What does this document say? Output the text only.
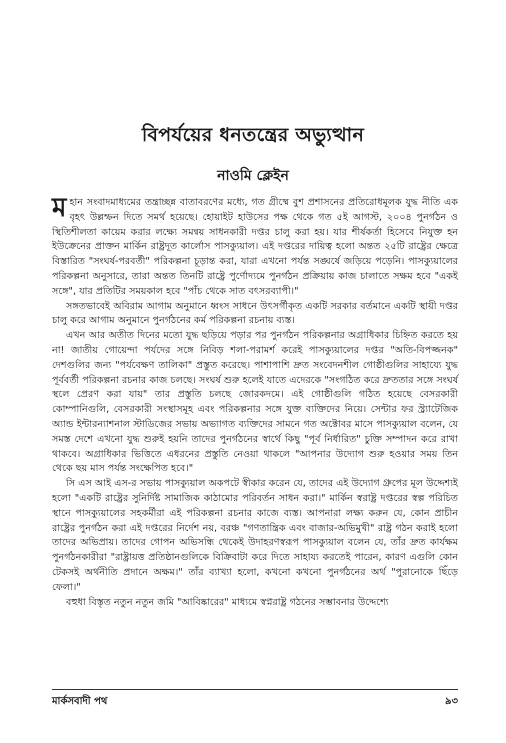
বিপর্যয়ের ধনতন্ত্রের অভ্যুত্থান
নাওমি ক্লেইন

মহান সংবাদমাধ্যমের তন্ত্রাচ্ছন্ন বাতাবরণের মধ্যে, গত গ্রীষ্মে বুশ প্রশাসনের প্রতিরোধমূলক যুদ্ধ নীতি এক বৃহৎ উল্লম্ফন দিতে সমর্থ হয়েছে। হোয়াইট হাউসের পক্ষ থেকে গত ৫ই আগস্ট, ২০০৪ পুনর্গঠন ও স্থিতিশীলতা কায়েম করার লক্ষ্যে সমন্বয় সাধনকারী দপ্তর চালু করা হয়। যার শীর্ষকর্তা হিসেবে নিযুক্ত হন ইউক্রেনের প্রাক্তন মার্কিন রাষ্ট্রদূত কার্লোস পাসক্যুয়াল। এই দপ্তরের দায়িত্ব হলো অন্তত ২৫টি রাষ্ট্রের ক্ষেত্রে বিস্তারিত "সংঘর্ষ-পরবর্তী" পরিকল্পনা চূড়ান্ত করা, যারা এখনো পর্যন্ত সঙ্ঘর্ষে জড়িয়ে পড়েনি। পাসক্যুয়ালের পরিকল্পনা অনুসারে, তারা অন্তত তিনটি রাষ্ট্রে পুর্ণোদ্যমে পুনর্গঠন প্রক্রিয়ায় কাজ চালাতে সক্ষম হবে "একই সঙ্গে", যার প্রতিটির সময়কাল হবে "পাঁচ থেকে সাত বৎসরব্যাপী।"

সঙ্গতভাবেই অবিরাম আগাম অনুমানে ধ্বংস সাধনে উৎসর্গীকৃত একটি সরকার বর্তমানে একটি স্থায়ী দপ্তর চালু করে আগাম অনুমানে পুনর্গঠনের কর্ম পরিকল্পনা রচনায় ব্যস্ত।

এখন আর অতীত দিনের মতো যুদ্ধ ছড়িয়ে পড়ার পর পুনর্গঠন পরিকল্পনার অগ্রাধিকার চিহ্নিত করতে হয় না! জাতীয় গোয়েন্দা পর্যদের সঙ্গে নিবিড় শলা-পরামর্শ করেই পাসক্যুয়ালের দপ্তর "অতি-বিপজ্জনক" দেশগুলির জন্য "পর্যবেক্ষণ তালিকা" প্রস্তুত করেছে। পাশাপাশি দ্রুত সংবেদনশীল গোষ্ঠীগুলির সাহায্যে যুদ্ধ পূর্ববর্তী পরিকল্পনা রচনার কাজ চলছে। সংঘর্ষ শুরু হলেই যাতে এদেরকে "সংগঠিত করে দ্রুততার সঙ্গে সংঘর্ষ স্থলে প্রেরণ করা যায়" তার প্রস্তুতি চলছে জোরকদমে। এই গোষ্ঠীগুলি গঠিত হয়েছে বেসরকারী কোম্পানিগুলি, বেসরকারী সংস্থাসমূহ এবং পরিকল্পনার সঙ্গে যুক্ত ব্যক্তিদের নিয়ে। সেন্টার ফর স্ট্র্যাটেজিক অ্যান্ড ইন্টারন্যাশনাল স্টাডিজের সভায় অভ্যাগত ব্যক্তিদের সামনে গত অক্টোবর মাসে পাসক্যুয়াল বলেন, যে সমস্ত দেশে এখনো যুদ্ধ শুরুই হয়নি তাদের পুনর্গঠনের স্বার্থে কিছু "পূর্ব নির্ধারিত" চুক্তি সম্পাদন করে রাখা থাকবে। অগ্রাধিকার ভিত্তিতে এধরনের প্রস্তুতি নেওয়া থাকলে "আপনার উদ্যোগ শুরু হওয়ার সময় তিন থেকে ছয় মাস পর্যন্ত সংক্ষেপিত হবে।"

সি এস আই এস-র সভায় পাসক্যুয়াল অকপটে স্বীকার করেন যে, তাদের এই উদ্যোগ গ্রুপের মূল উদ্দেশ্যই হলো "একটি রাষ্ট্রের সুনির্দিষ্ট সামাজিক কাঠামোর পরিবর্তন সাধন করা।" মার্কিন স্বরাষ্ট্র দপ্তরের স্বল্প পরিচিত স্থানে পাসক্যুয়ালের সহকর্মীরা এই পরিকল্পনা রচনার কাজে ব্যস্ত। আপনারা লক্ষ্য করুন যে, কোন প্রাচীন রাষ্ট্রের পুনর্গঠন করা এই দপ্তরের নির্দেশ নয়, বরঞ্চ "গণতান্ত্রিক এবং বাজার-অভিমুখী" রাষ্ট্র গঠন করাই হলো তাদের অভিপ্রায়। তাদের গোপন অভিসন্ধি থেকেই উদাহরণস্বরূপ পাসক্যুয়াল বলেন যে, তাঁর দ্রুত কার্যক্ষম পুনর্গঠনকারীরা "রাষ্ট্রায়ত্ত প্রতিষ্ঠানগুলিকে বিক্রিবাটা করে দিতে সাহায্য করতেই পারেন, কারণ এগুলি কোন টেকসই অর্থনীতি প্রদানে অক্ষম।" তাঁর ব্যাখ্যা হলো, কখনো কখনো পুনর্গঠনের অর্থ "পুরানোকে ছিঁড়ে ফেলা।"

বহুধা বিস্তৃত নতুন নতুন জমি "আবিষ্কারের" মাধ্যমে স্বপ্নরাষ্ট্র গঠনের সম্ভাবনার উদ্দেশ্যে

মার্কসবাদী পথ	৯৩
